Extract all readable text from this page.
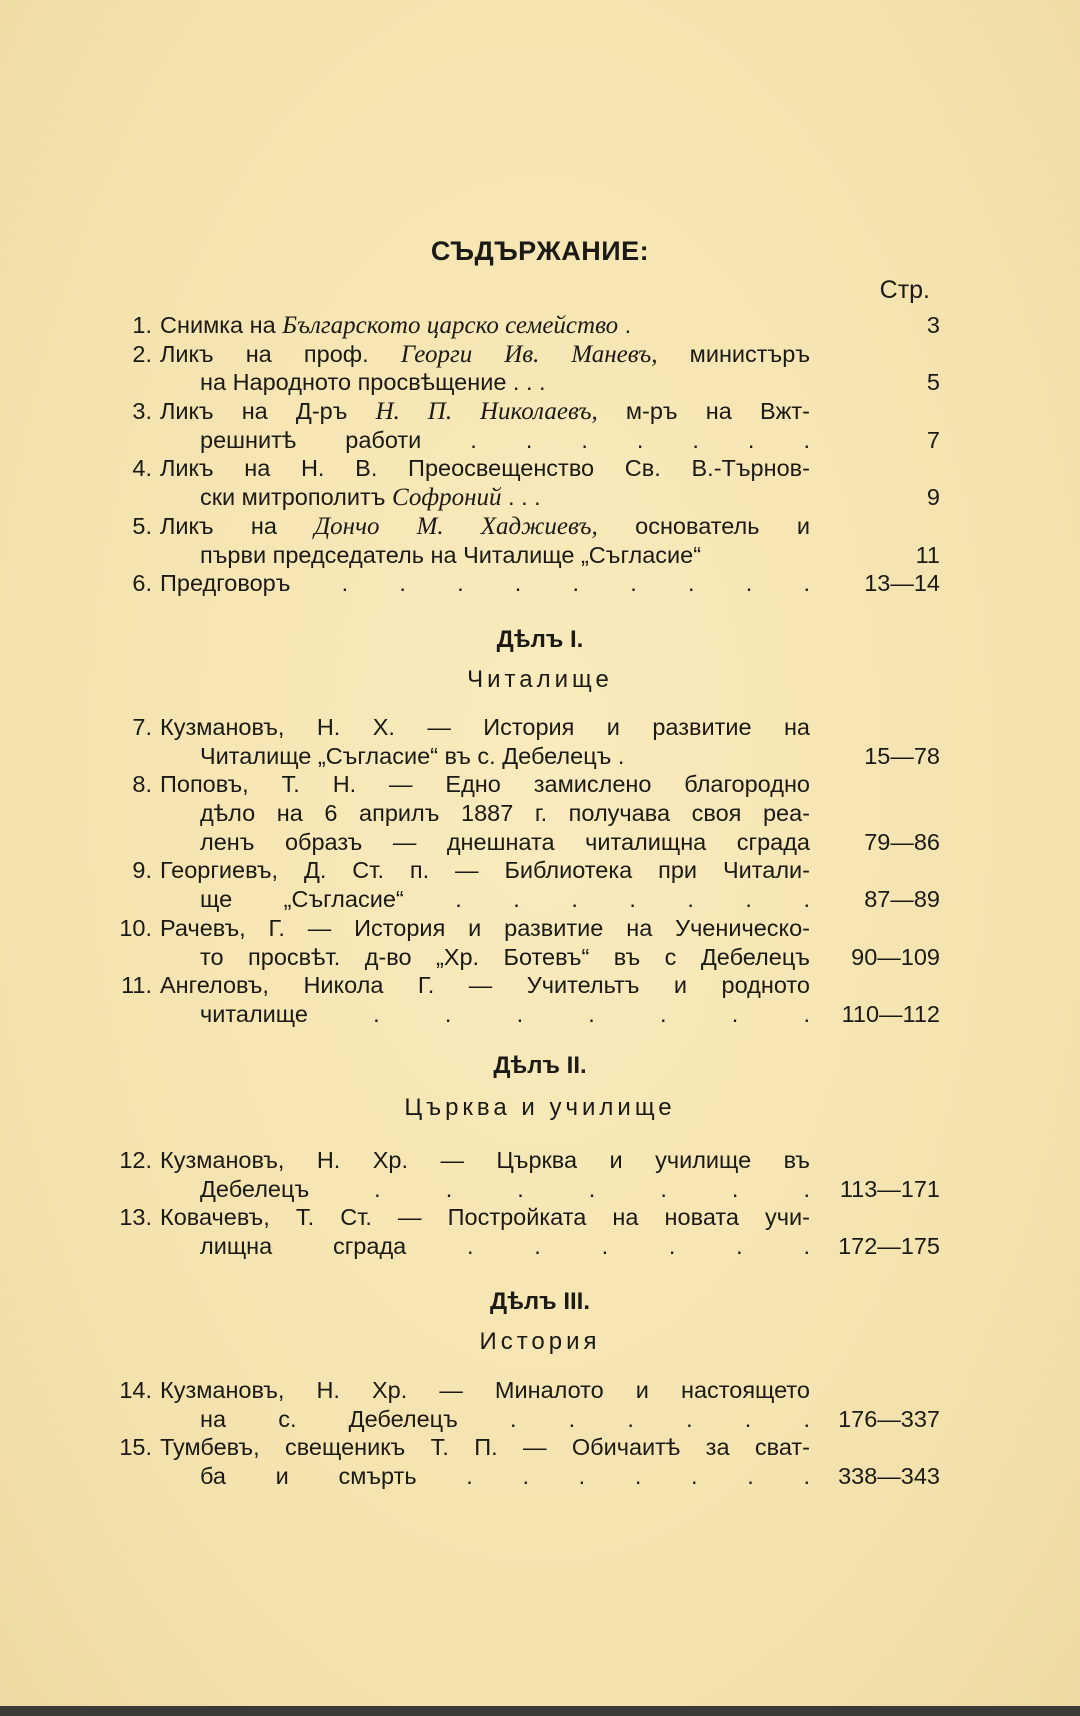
СЪДЪРЖАНИЕ:
Стр.
1. Снимка на Българското царско семейство .	3
2. Ликъ на проф. Георги Ив. Маневъ, министъръ
на Народното просвѣщение . . .	5
3. Ликъ на Д-ръ Н. П. Николаевъ, м-ръ на Вжт-
решнитѣ работи . . . . . . .	7
4. Ликъ на Н. В. Преосвещенство Св. В.-Търнов-
ски митрополитъ Софроний . . .	9
5. Ликъ на Дончо М. Хаджиевъ, основатель и
първи председатель на Читалище „Съгласие“	11
6. Предговоръ . . . . . . . . .	13—14
Дѣлъ I.
Читалище
7. Кузмановъ, Н. Х. — История и развитие на
Читалище „Съгласие“ въ с. Дебелецъ .	15—78
8. Поповъ, Т. Н. — Едно замислено благородно
дѣло на 6 априлъ 1887 г. получава своя реа-
ленъ образъ — днешната читалищна сграда	79—86
9. Георгиевъ, Д. Ст. п. — Библиотека при Читали-
ще „Съгласие“ . . . . . . .	87—89
10. Рачевъ, Г. — История и развитие на Ученическо-
то просвѣт. д-во „Хр. Ботевъ“ въ с Дебелецъ	90—109
11. Ангеловъ, Никола Г. — Учительтъ и родното
читалище . . . . . . .	110—112
Дѣлъ II.
Църква и училище
12. Кузмановъ, Н. Хр. — Църква и училище въ
Дебелецъ . . . . . . .	113—171
13. Ковачевъ, Т. Ст. — Постройката на новата учи-
лищна сграда . . . . . .	172—175
Дѣлъ III.
История
14. Кузмановъ, Н. Хр. — Миналото и настоящето
на с. Дебелецъ . . . . . .	176—337
15. Тумбевъ, свещеникъ Т. П. — Обичаитѣ за сват-
ба и смърть . . . . . . .	338—343
